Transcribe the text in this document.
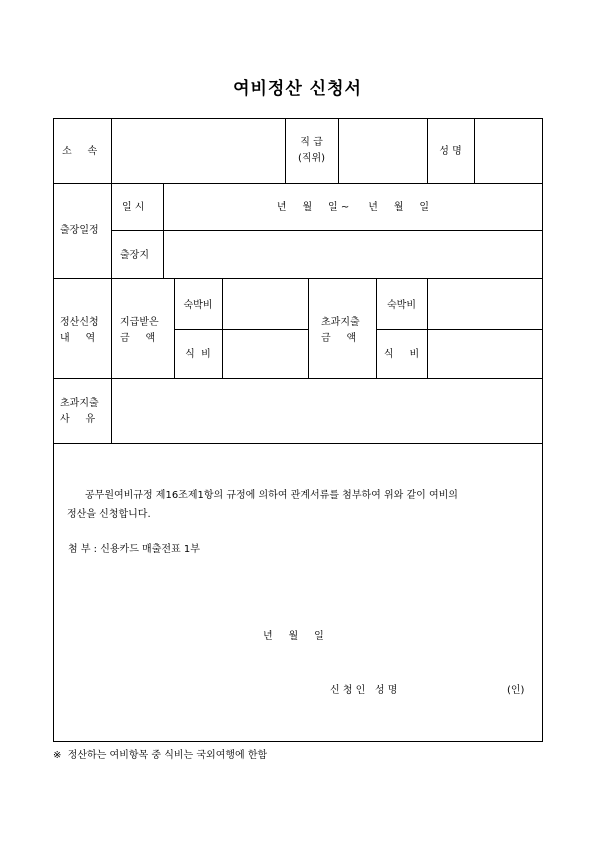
여비정산 신청서
소     속
직 급
(직위)
성 명
출장일정
일 시	년     월     일 ~      년     월     일
출장지
정산신청
내     역
지급받은
금     액
숙박비
식  비
초과지출
금     액
숙박비
식     비
초과지출
사     유
공무원여비규정 제16조제1항의 규정에 의하여 관계서류를 첨부하여 위와 같이 여비의
정산을 신청합니다.
첨 부 : 신용카드 매출전표 1부
년     월     일
신 청 인   성 명	(인)
※  정산하는 여비항목 중 식비는 국외여행에 한함
